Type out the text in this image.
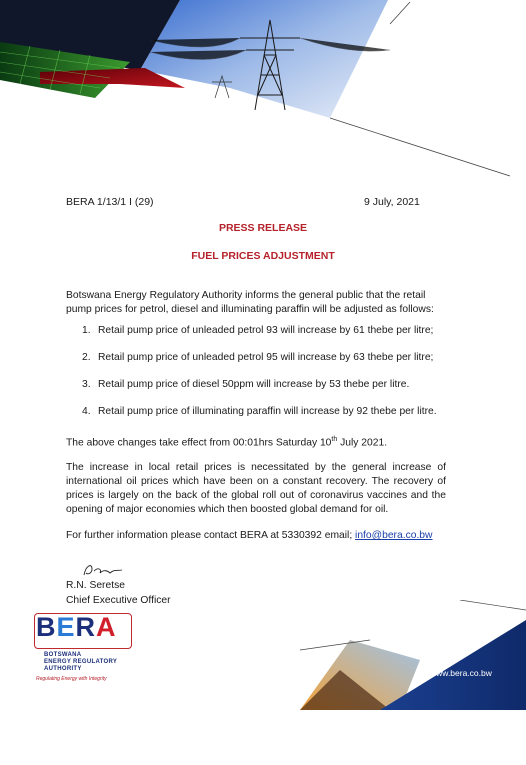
BERA 1/13/1 I (29)	9 July, 2021
PRESS RELEASE
FUEL PRICES ADJUSTMENT
Botswana Energy Regulatory Authority informs the general public that the retail pump prices for petrol, diesel and illuminating paraffin will be adjusted as follows:
1. Retail pump price of unleaded petrol 93 will increase by 61 thebe per litre;
2. Retail pump price of unleaded petrol 95 will increase by 63 thebe per litre;
3. Retail pump price of diesel 50ppm will increase by 53 thebe per litre.
4. Retail pump price of illuminating paraffin will increase by 92 thebe per litre.
The above changes take effect from 00:01hrs Saturday 10th July 2021.
The increase in local retail prices is necessitated by the general increase of international oil prices which have been on a constant recovery. The recovery of prices is largely on the back of the global roll out of coronavirus vaccines and the opening of major economies which then boosted global demand for oil.
For further information please contact BERA at 5330392 email; info@bera.co.bw
R.N. Seretse
Chief Executive Officer
BERA
BOTSWANA
ENERGY REGULATORY
AUTHORITY
Regulating Energy with Integrity
www.bera.co.bw
